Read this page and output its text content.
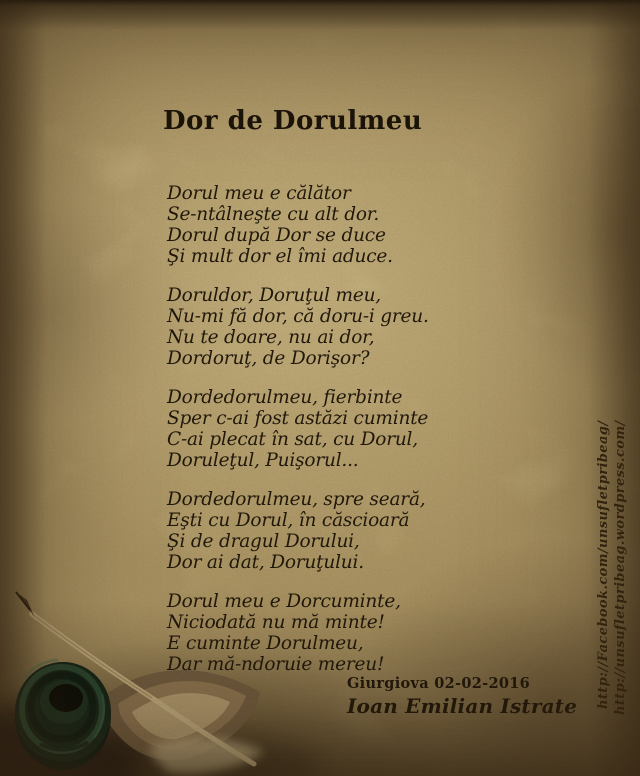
Dor de Dorulmeu
Dorul meu e călător
Se-ntâlneşte cu alt dor.
Dorul după Dor se duce
Şi mult dor el îmi aduce.
Doruldor, Doruţul meu,
Nu-mi fă dor, că doru-i greu.
Nu te doare, nu ai dor,
Dordoruţ, de Dorişor?
Dordedorulmeu, fierbinte
Sper c-ai fost astăzi cuminte
C-ai plecat în sat, cu Dorul,
Doruleţul, Puişorul...
Dordedorulmeu, spre seară,
Eşti cu Dorul, în căscioară
Şi de dragul Dorului,
Dor ai dat, Doruţului.
Dorul meu e Dorcuminte,
Niciodată nu mă minte!
E cuminte Dorulmeu,
Dar mă-ndoruie mereu!
Giurgiova 02-02-2016
Ioan Emilian Istrate http://Facebook.com/unsufletpribeag/ http://unsufletpribeag.wordpress.com/
